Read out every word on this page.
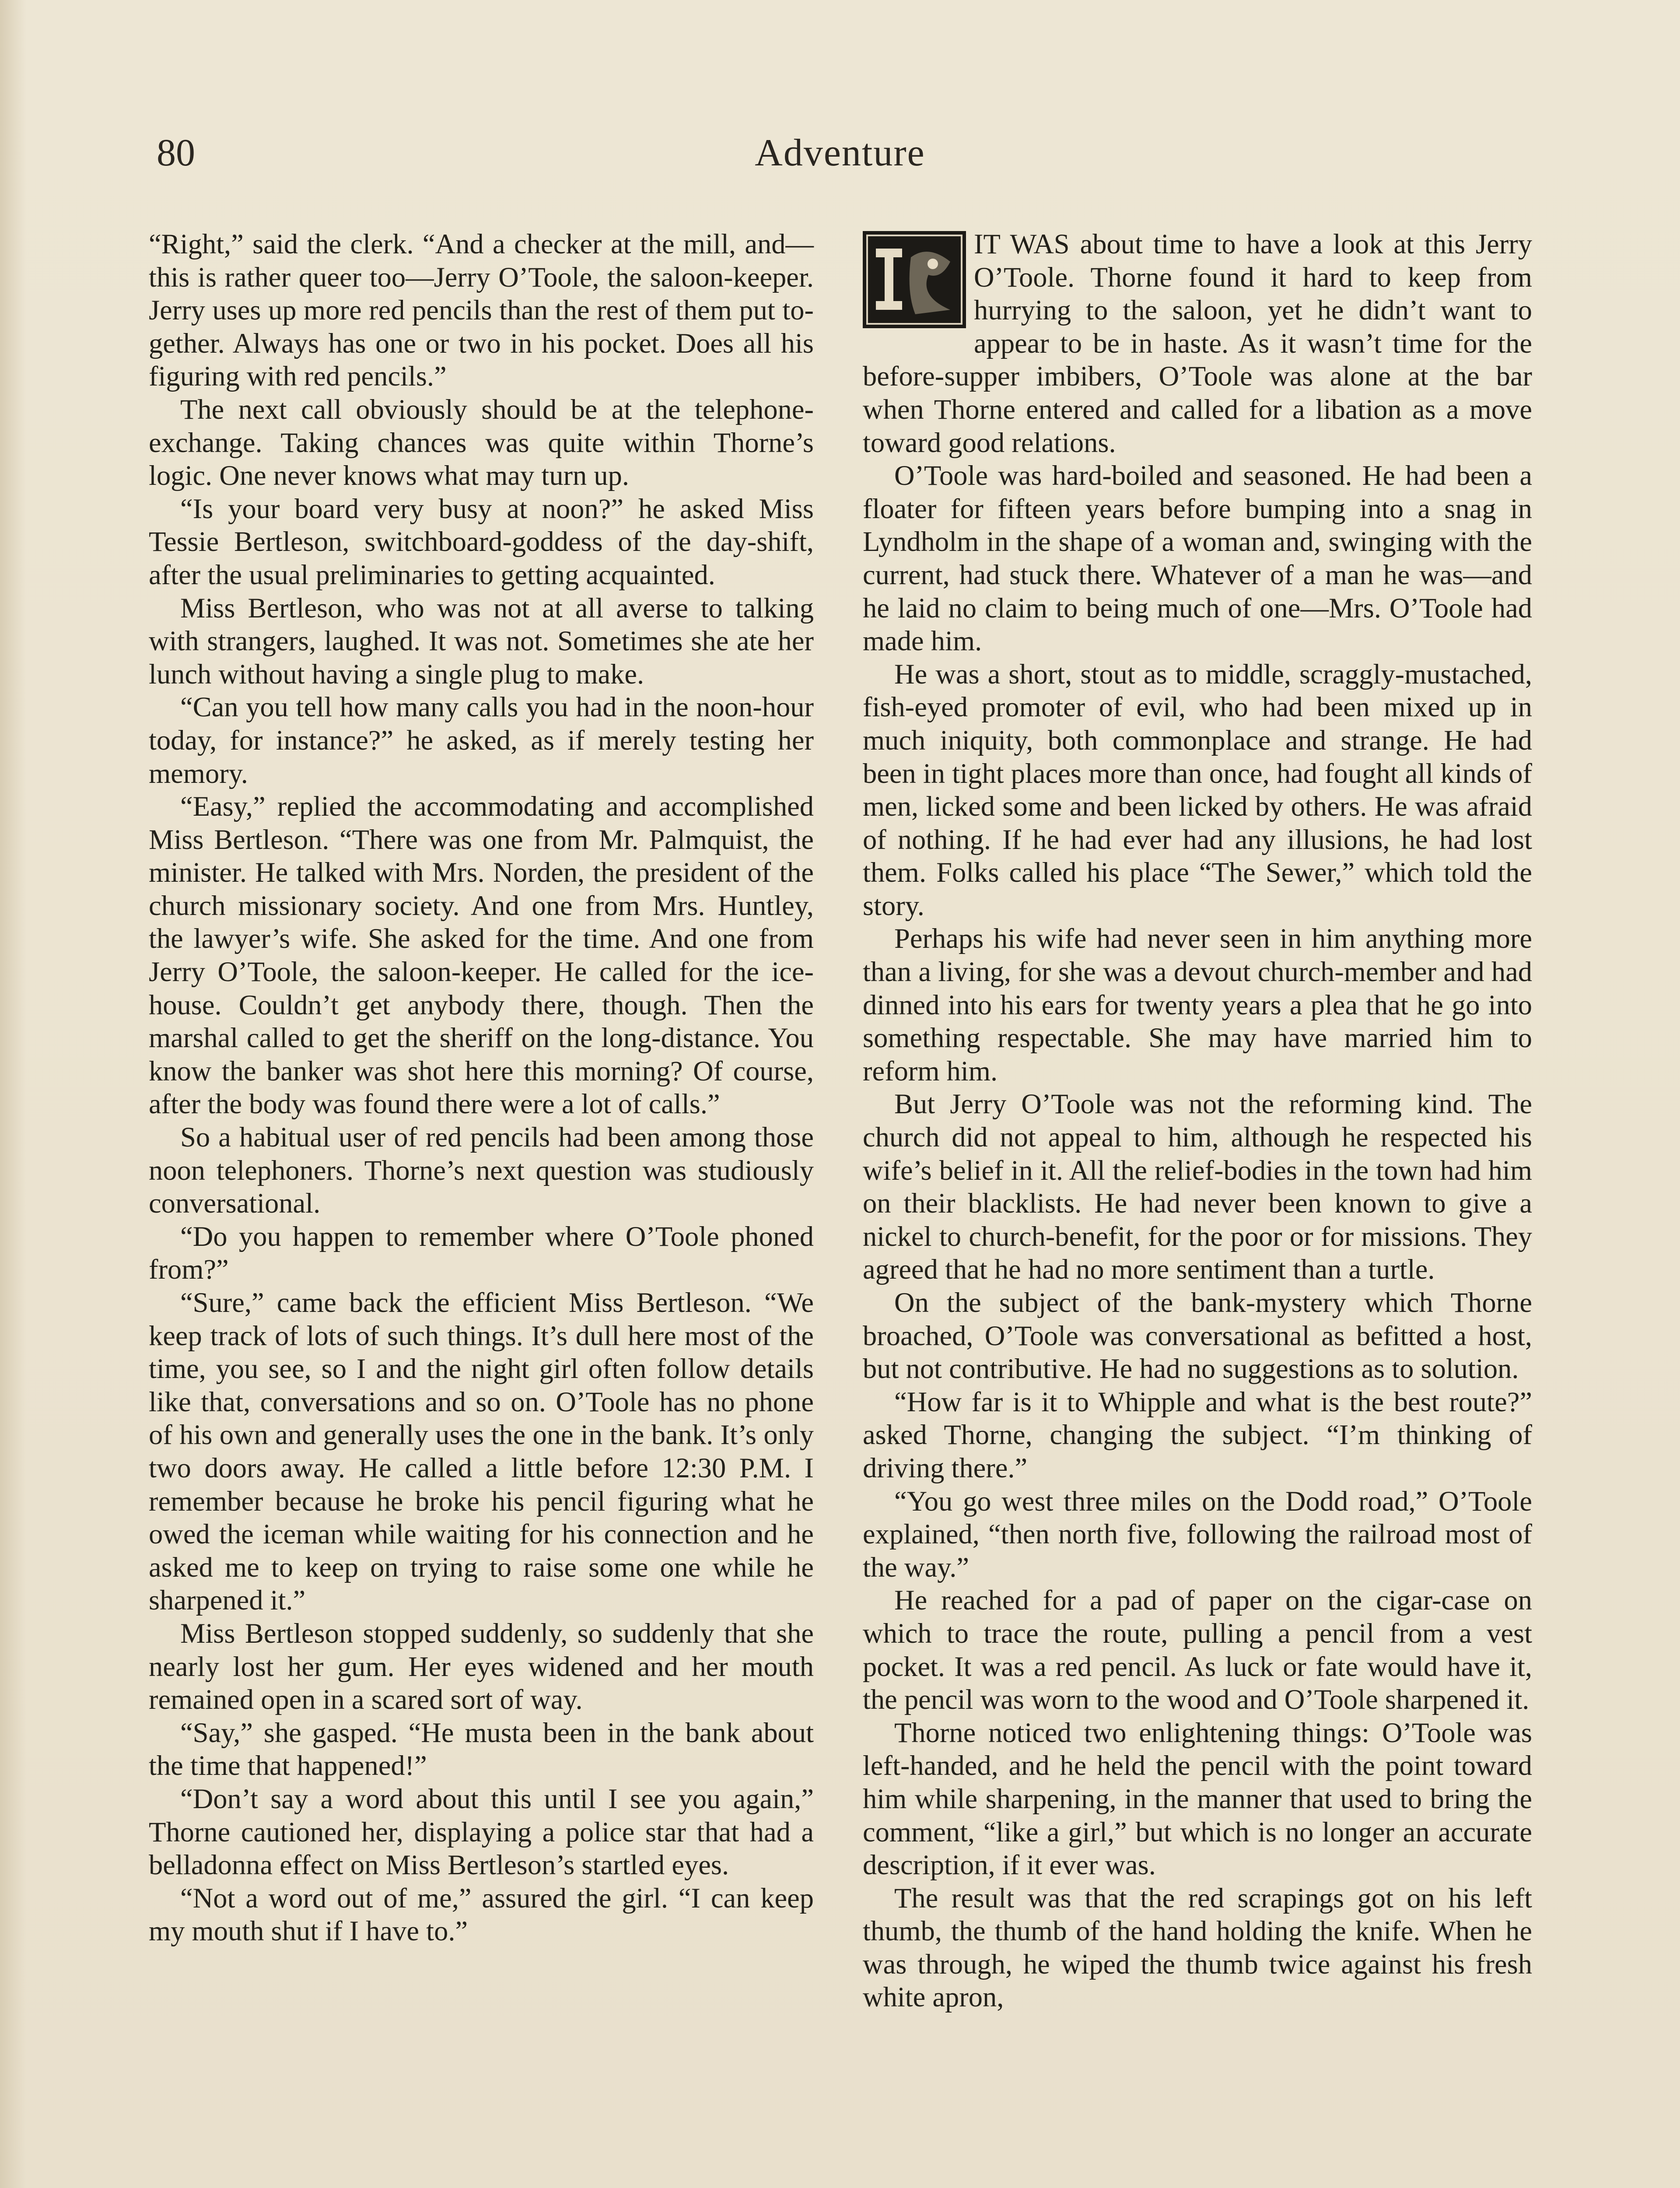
80	Adventure

“Right,” said the clerk. “And a checker at the mill, and—this is rather queer too—Jerry O’Toole, the saloon-keeper. Jerry uses up more red pencils than the rest of them put together. Always has one or two in his pocket. Does all his figuring with red pencils.”

The next call obviously should be at the telephone-exchange. Taking chances was quite within Thorne’s logic. One never knows what may turn up.

“Is your board very busy at noon?” he asked Miss Tessie Bertleson, switchboard-goddess of the day-shift, after the usual preliminaries to getting acquainted.

Miss Bertleson, who was not at all averse to talking with strangers, laughed. It was not. Sometimes she ate her lunch without having a single plug to make.

“Can you tell how many calls you had in the noon-hour today, for instance?” he asked, as if merely testing her memory.

“Easy,” replied the accommodating and accomplished Miss Bertleson. “There was one from Mr. Palmquist, the minister. He talked with Mrs. Norden, the president of the church missionary society. And one from Mrs. Huntley, the lawyer’s wife. She asked for the time. And one from Jerry O’Toole, the saloon-keeper. He called for the ice-house. Couldn’t get anybody there, though. Then the marshal called to get the sheriff on the long-distance. You know the banker was shot here this morning? Of course, after the body was found there were a lot of calls.”

So a habitual user of red pencils had been among those noon telephoners. Thorne’s next question was studiously conversational.

“Do you happen to remember where O’Toole phoned from?”

“Sure,” came back the efficient Miss Bertleson. “We keep track of lots of such things. It’s dull here most of the time, you see, so I and the night girl often follow details like that, conversations and so on. O’Toole has no phone of his own and generally uses the one in the bank. It’s only two doors away. He called a little before 12:30 P.M. I remember because he broke his pencil figuring what he owed the iceman while waiting for his connection and he asked me to keep on trying to raise some one while he sharpened it.”

Miss Bertleson stopped suddenly, so suddenly that she nearly lost her gum. Her eyes widened and her mouth remained open in a scared sort of way.

“Say,” she gasped. “He musta been in the bank about the time that happened!”

“Don’t say a word about this until I see you again,” Thorne cautioned her, displaying a police star that had a belladonna effect on Miss Bertleson’s startled eyes.

“Not a word out of me,” assured the girl. “I can keep my mouth shut if I have to.”

IT WAS about time to have a look at this Jerry O’Toole. Thorne found it hard to keep from hurrying to the saloon, yet he didn’t want to appear to be in haste. As it wasn’t time for the before-supper imbibers, O’Toole was alone at the bar when Thorne entered and called for a libation as a move toward good relations.

O’Toole was hard-boiled and seasoned. He had been a floater for fifteen years before bumping into a snag in Lyndholm in the shape of a woman and, swinging with the current, had stuck there. Whatever of a man he was—and he laid no claim to being much of one—Mrs. O’Toole had made him.

He was a short, stout as to middle, scraggly-mustached, fish-eyed promoter of evil, who had been mixed up in much iniquity, both commonplace and strange. He had been in tight places more than once, had fought all kinds of men, licked some and been licked by others. He was afraid of nothing. If he had ever had any illusions, he had lost them. Folks called his place “The Sewer,” which told the story.

Perhaps his wife had never seen in him anything more than a living, for she was a devout church-member and had dinned into his ears for twenty years a plea that he go into something respectable. She may have married him to reform him.

But Jerry O’Toole was not the reforming kind. The church did not appeal to him, although he respected his wife’s belief in it. All the relief-bodies in the town had him on their blacklists. He had never been known to give a nickel to church-benefit, for the poor or for missions. They agreed that he had no more sentiment than a turtle.

On the subject of the bank-mystery which Thorne broached, O’Toole was conversational as befitted a host, but not contributive. He had no suggestions as to solution.

“How far is it to Whipple and what is the best route?” asked Thorne, changing the subject. “I’m thinking of driving there.”

“You go west three miles on the Dodd road,” O’Toole explained, “then north five, following the railroad most of the way.”

He reached for a pad of paper on the cigar-case on which to trace the route, pulling a pencil from a vest pocket. It was a red pencil. As luck or fate would have it, the pencil was worn to the wood and O’Toole sharpened it.

Thorne noticed two enlightening things: O’Toole was left-handed, and he held the pencil with the point toward him while sharpening, in the manner that used to bring the comment, “like a girl,” but which is no longer an accurate description, if it ever was.

The result was that the red scrapings got on his left thumb, the thumb of the hand holding the knife. When he was through, he wiped the thumb twice against his fresh white apron,
